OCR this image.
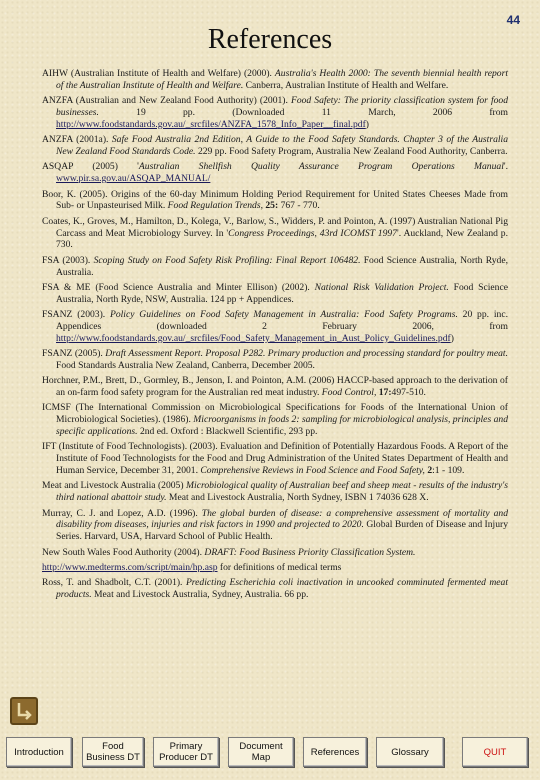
44
References

AIHW (Australian Institute of Health and Welfare) (2000). Australia's Health 2000: The seventh biennial health report of the Australian Institute of Health and Welfare. Canberra, Australian Institute of Health and Welfare.

ANZFA (Australian and New Zealand Food Authority) (2001). Food Safety: The priority classification system for food businesses. 19 pp. (Downloaded 11 March, 2006 from http://www.foodstandards.gov.au/_srcfiles/ANZFA_1578_Info_Paper__final.pdf)

ANZFA (2001a). Safe Food Australia 2nd Edition, A Guide to the Food Safety Standards. Chapter 3 of the Australia New Zealand Food Standards Code. 229 pp. Food Safety Program, Australia New Zealand Food Authority, Canberra.

ASQAP (2005) 'Australian Shellfish Quality Assurance Program Operations Manual'. www.pir.sa.gov.au/ASQAP_MANUAL/

Boor, K. (2005). Origins of the 60-day Minimum Holding Period Requirement for United States Cheeses Made from Sub- or Unpasteurised Milk. Food Regulation Trends, 25: 767 - 770.

Coates, K., Groves, M., Hamilton, D., Kolega, V., Barlow, S., Widders, P. and Pointon, A. (1997) Australian National Pig Carcass and Meat Microbiology Survey. In 'Congress Proceedings, 43rd ICOMST 1997'. Auckland, New Zealand p. 730.

FSA (2003). Scoping Study on Food Safety Risk Profiling: Final Report 106482. Food Science Australia, North Ryde, Australia.

FSA & ME (Food Science Australia and Minter Ellison) (2002). National Risk Validation Project. Food Science Australia, North Ryde, NSW, Australia. 124 pp + Appendices.

FSANZ (2003). Policy Guidelines on Food Safety Management in Australia: Food Safety Programs. 20 pp. inc. Appendices (downloaded 2 February 2006, from http://www.foodstandards.gov.au/_srcfiles/Food_Safety_Management_in_Aust_Policy_Guidelines.pdf)

FSANZ (2005). Draft Assessment Report. Proposal P282. Primary production and processing standard for poultry meat. Food Standards Australia New Zealand, Canberra, December 2005.

Horchner, P.M., Brett, D., Gormley, B., Jenson, I. and Pointon, A.M. (2006) HACCP-based approach to the derivation of an on-farm food safety program for the Australian red meat industry. Food Control, 17:497-510.

ICMSF (The International Commission on Microbiological Specifications for Foods of the International Union of Microbiological Societies). (1986). Microorganisms in foods 2: sampling for microbiological analysis, principles and specific applications. 2nd ed. Oxford : Blackwell Scientific, 293 pp.

IFT (Institute of Food Technologists). (2003). Evaluation and Definition of Potentially Hazardous Foods. A Report of the Institute of Food Technologists for the Food and Drug Administration of the United States Department of Health and Human Service, December 31, 2001. Comprehensive Reviews in Food Science and Food Safety, 2:1 - 109.

Meat and Livestock Australia (2005) Microbiological quality of Australian beef and sheep meat - results of the industry's third national abattoir study. Meat and Livestock Australia, North Sydney, ISBN 1 74036 628 X.

Murray, C. J. and Lopez, A.D. (1996). The global burden of disease: a comprehensive assessment of mortality and disability from diseases, injuries and risk factors in 1990 and projected to 2020. Global Burden of Disease and Injury Series. Harvard, USA, Harvard School of Public Health.

New South Wales Food Authority (2004). DRAFT: Food Business Priority Classification System.

http://www.medterms.com/script/main/hp.asp for definitions of medical terms

Ross, T. and Shadbolt, C.T. (2001). Predicting Escherichia coli inactivation in uncooked comminuted fermented meat products. Meat and Livestock Australia, Sydney, Australia. 66 pp.

Introduction	Food Business DT
Primary Producer DT
Document Map	References	Glossary	QUIT
